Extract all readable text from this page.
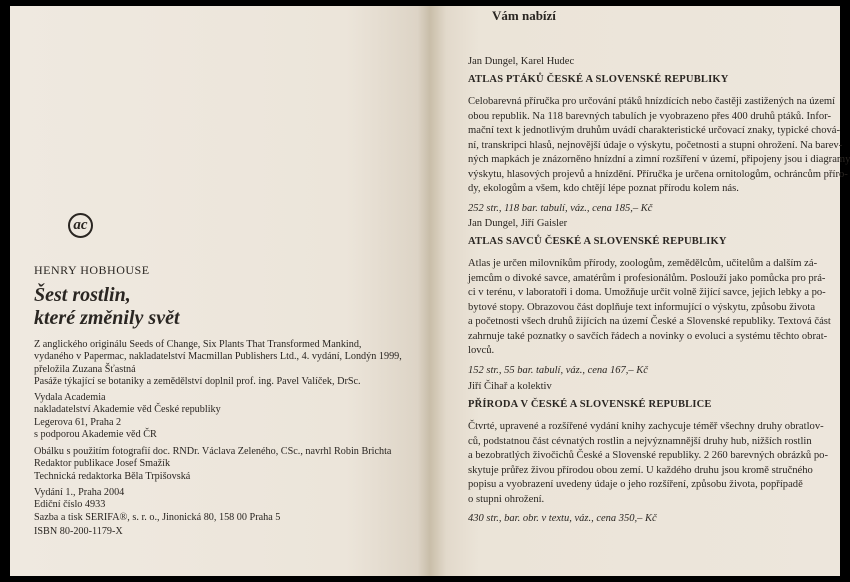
ac
HENRY HOBHOUSE
Šest rostlin,
které změnily svět
Z anglického originálu Seeds of Change, Six Plants That Transformed Mankind,
vydaného v Papermac, nakladatelství Macmillan Publishers Ltd., 4. vydání, Londýn 1999,
přeložila Zuzana Šťastná
Pasáže týkající se botaniky a zemědělství doplnil prof. ing. Pavel Valíček, DrSc.
Vydala Academia
nakladatelství Akademie věd České republiky
Legerova 61, Praha 2
s podporou Akademie věd ČR
Obálku s použitím fotografií doc. RNDr. Václava Zeleného, CSc., navrhl Robin Brichta
Redaktor publikace Josef Smažík
Technická redaktorka Běla Trpišovská
Vydání 1., Praha 2004
Ediční číslo 4933
Sazba a tisk SERIFA®, s. r. o., Jinonická 80, 158 00 Praha 5
ISBN 80-200-1179-X
Vám nabízí
Jan Dungel, Karel Hudec
ATLAS PTÁKŮ ČESKÉ A SLOVENSKÉ REPUBLIKY
Celobarevná příručka pro určování ptáků hnízdících nebo častěji zastižených na území
obou republik. Na 118 barevných tabulích je vyobrazeno přes 400 druhů ptáků. Infor-
mační text k jednotlivým druhům uvádí charakteristické určovací znaky, typické chová-
ní, transkripci hlasů, nejnovější údaje o výskytu, početnosti a stupni ohrožení. Na barev-
ných mapkách je znázorněno hnízdní a zimní rozšíření v území, připojeny jsou i diagramy
výskytu, hlasových projevů a hnízdění. Příručka je určena ornitologům, ochráncům příro-
dy, ekologům a všem, kdo chtějí lépe poznat přírodu kolem nás.
252 str., 118 bar. tabulí, váz., cena 185,– Kč
Jan Dungel, Jiří Gaisler
ATLAS SAVCŮ ČESKÉ A SLOVENSKÉ REPUBLIKY
Atlas je určen milovníkům přírody, zoologům, zemědělcům, učitelům a dalším zá-
jemcům o divoké savce, amatérům i profesionálům. Poslouží jako pomůcka pro prá-
ci v terénu, v laboratoři i doma. Umožňuje určit volně žijící savce, jejich lebky a po-
bytové stopy. Obrazovou část doplňuje text informující o výskytu, způsobu života
a početnosti všech druhů žijících na území České a Slovenské republiky. Textová část
zahrnuje také poznatky o savčích řádech a novinky o evoluci a systému těchto obrat-
lovců.
152 str., 55 bar. tabulí, váz., cena 167,– Kč
Jiří Čihař a kolektiv
PŘÍRODA V ČESKÉ A SLOVENSKÉ REPUBLICE
Čtvrté, upravené a rozšířené vydání knihy zachycuje téměř všechny druhy obratlov-
ců, podstatnou část cévnatých rostlin a nejvýznamnější druhy hub, nižších rostlin
a bezobratlých živočichů České a Slovenské republiky. 2 260 barevných obrázků po-
skytuje průřez živou přírodou obou zemí. U každého druhu jsou kromě stručného
popisu a vyobrazení uvedeny údaje o jeho rozšíření, způsobu života, popřípadě
o stupni ohrožení.
430 str., bar. obr. v textu, váz., cena 350,– Kč
